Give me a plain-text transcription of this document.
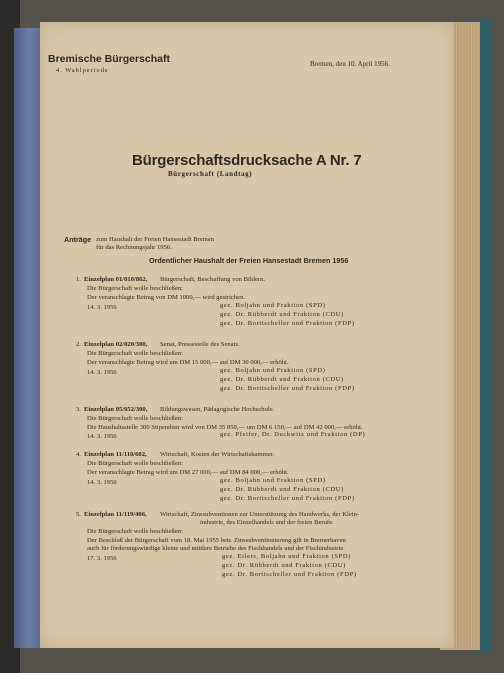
Bremische Bürgerschaft
4. Wahlperiode
Bremen, den 10. April 1956.
Bürgerschaftsdrucksache A Nr. 7
Bürgerschaft (Landtag)
Anträge zum Haushalt der Freien Hansestadt Bremen
für das Rechnungsjahr 1956.
Ordentlicher Haushalt der Freien Hansestadt Bremen 1956
1. Einzelplan 01/010/862, Bürgerschaft, Beschaffung von Bildern.
Die Bürgerschaft wolle beschließen:
Der veranschlagte Betrag von DM 1000,— wird gestrichen.
14. 3. 1956	gez. Boljahn und Fraktion (SPD)
gez. Dr. Rübberdt und Fraktion (CDU)
gez. Dr. Borttscheller und Fraktion (FDP)
2. Einzelplan 02/020/300, Senat, Pressestelle des Senats.
Die Bürgerschaft wolle beschließen:
Der veranschlagte Betrag wird um DM 15 000,— auf DM 30 000,— erhöht.
14. 3. 1956	gez. Boljahn und Fraktion (SPD)
gez. Dr. Rübberdt und Fraktion (CDU)
gez. Dr. Borttscheller und Fraktion (FDP)
3. Einzelplan 05/052/300, Bildungswesen, Pädagogische Hochschule.
Die Bürgerschaft wolle beschließen:
Die Haushaltsstelle 300 Stipendien wird von DM 35 850,— um DM 6 150,— auf DM 42 000,— erhöht.
14. 3. 1956	gez. Pfeifer, Dr. Duckwitz und Fraktion (DP)
4. Einzelplan 11/110/602, Wirtschaft, Kosten der Wirtschaftskammer.
Die Bürgerschaft wolle beschließen:
Der veranschlagte Betrag wird um DM 27 000,— auf DM 84 000,— erhöht.
14. 3. 1956	gez. Boljahn und Fraktion (SPD)
gez. Dr. Rübberdt und Fraktion (CDU)
gez. Dr. Borttscheller und Fraktion (FDP)
5. Einzelplan 11/119/406, Wirtschaft, Zinssubventionen zur Unterstützung des Handwerks, der Klein-
industrie, des Einzelhandels und der freien Berufe.
Die Bürgerschaft wolle beschließen:
Der Beschluß der Bürgerschaft vom 18. Mai 1955 betr. Zinssubventionierung gilt in Bremerhaven
auch für förderungswürdige kleine und mittlere Betriebe des Fischhandels und der Fischindustrie.
17. 3. 1956	gez. Eilers, Boljahn und Fraktion (SPD)
gez. Dr. Rübberdt und Fraktion (CDU)
gez. Dr. Borttscheller und Fraktion (FDP)
